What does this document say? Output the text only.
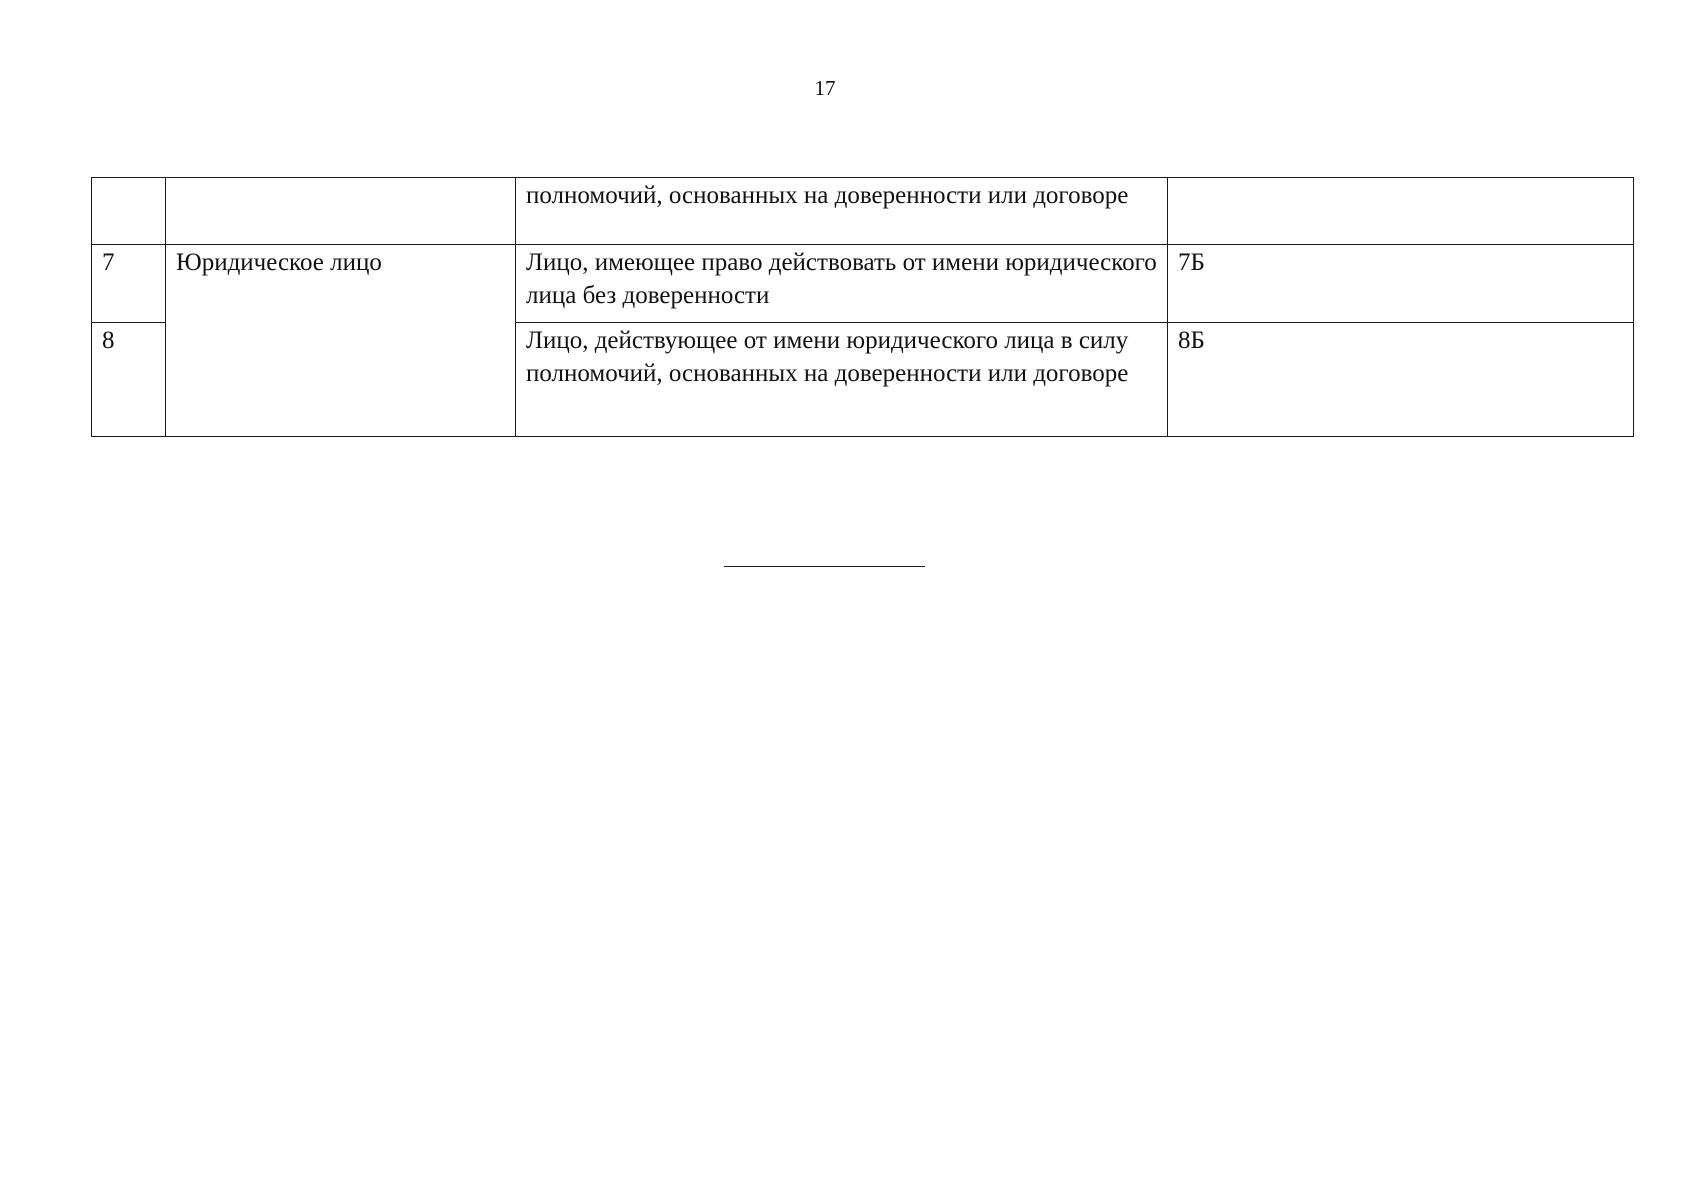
17
		полномочий, основанных на доверенности или договоре	
7	Юридическое лицо	Лицо, имеющее право действовать от имени юридического лица без доверенности	7Б
8		Лицо, действующее от имени юридического лица в силу полномочий, основанных на доверенности или договоре	8Б
